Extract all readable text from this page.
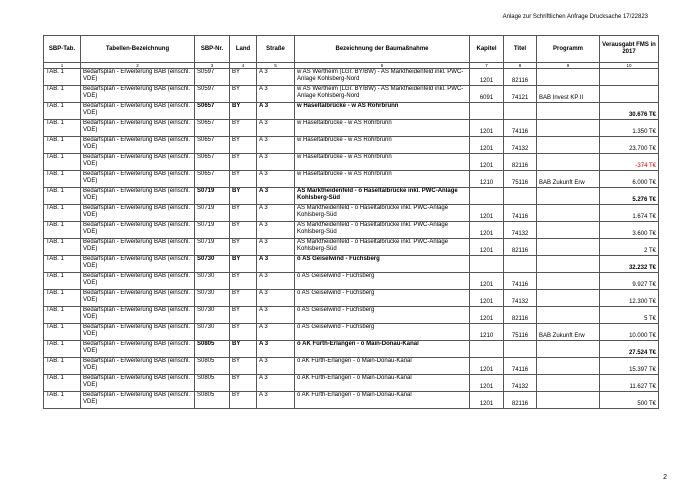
Anlage zur Schriftlichen Anfrage Drucksache 17/22823
SBP-Tab.	Tabellen-Bezeichnung	SBP-Nr.	Land	Straße	Bezeichnung der Baumaßnahme	Kapitel	Titel	Programm	Verausgabt FMS in 2017
1	2	3	4	5	6	7	8	9	10
TAB. 1	Bedarfsplan - Erweiterung BAB (einschl. VDE)	S0597	BY	A 3	w AS Wertheim (LGr. BY/BW) - AS Marktheidenfeld inkl. PWC-Anlage Kohlsberg-Nord	1201	82116		
TAB. 1	Bedarfsplan - Erweiterung BAB (einschl. VDE)	S0597	BY	A 3	w AS Wertheim (LGr. BY/BW) - AS Marktheidenfeld inkl. PWC-Anlage Kohlsberg-Nord	6091	74121	BAB Invest KP II	
TAB. 1	Bedarfsplan - Erweiterung BAB (einschl. VDE)	S0657	BY	A 3	w Haseltalbrücke - w AS Rohrbrunn				30.676 T€
TAB. 1	Bedarfsplan - Erweiterung BAB (einschl. VDE)	S0657	BY	A 3	w Haseltalbrücke - w AS Rohrbrunn	1201	74116		1.350 T€
TAB. 1	Bedarfsplan - Erweiterung BAB (einschl. VDE)	S0657	BY	A 3	w Haseltalbrücke - w AS Rohrbrunn	1201	74132		23.700 T€
TAB. 1	Bedarfsplan - Erweiterung BAB (einschl. VDE)	S0657	BY	A 3	w Haseltalbrücke - w AS Rohrbrunn	1201	82116		-374 T€
TAB. 1	Bedarfsplan - Erweiterung BAB (einschl. VDE)	S0657	BY	A 3	w Haseltalbrücke - w AS Rohrbrunn	1210	75116	BAB Zukunft Erw	6.000 T€
TAB. 1	Bedarfsplan - Erweiterung BAB (einschl. VDE)	S0719	BY	A 3	AS Marktheidenfeld - ö Haseltalbrücke inkl. PWC-Anlage Kohlsberg-Süd				5.276 T€
TAB. 1	Bedarfsplan - Erweiterung BAB (einschl. VDE)	S0719	BY	A 3	AS Marktheidenfeld - ö Haseltalbrücke inkl. PWC-Anlage Kohlsberg-Süd	1201	74116		1.674 T€
TAB. 1	Bedarfsplan - Erweiterung BAB (einschl. VDE)	S0719	BY	A 3	AS Marktheidenfeld - ö Haseltalbrücke inkl. PWC-Anlage Kohlsberg-Süd	1201	74132		3.600 T€
TAB. 1	Bedarfsplan - Erweiterung BAB (einschl. VDE)	S0719	BY	A 3	AS Marktheidenfeld - ö Haseltalbrücke inkl. PWC-Anlage Kohlsberg-Süd	1201	82116		2 T€
TAB. 1	Bedarfsplan - Erweiterung BAB (einschl. VDE)	S0730	BY	A 3	ö AS Geiselwind - Fuchsberg				32.232 T€
TAB. 1	Bedarfsplan - Erweiterung BAB (einschl. VDE)	S0730	BY	A 3	ö AS Geiselwind - Fuchsberg	1201	74116		9.927 T€
TAB. 1	Bedarfsplan - Erweiterung BAB (einschl. VDE)	S0730	BY	A 3	ö AS Geiselwind - Fuchsberg	1201	74132		12.300 T€
TAB. 1	Bedarfsplan - Erweiterung BAB (einschl. VDE)	S0730	BY	A 3	ö AS Geiselwind - Fuchsberg	1201	82116		5 T€
TAB. 1	Bedarfsplan - Erweiterung BAB (einschl. VDE)	S0730	BY	A 3	ö AS Geiselwind - Fuchsberg	1210	75116	BAB Zukunft Erw	10.000 T€
TAB. 1	Bedarfsplan - Erweiterung BAB (einschl. VDE)	S0805	BY	A 3	ö AK Fürth-Erlangen - ö Main-Donau-Kanal				27.524 T€
TAB. 1	Bedarfsplan - Erweiterung BAB (einschl. VDE)	S0805	BY	A 3	ö AK Fürth-Erlangen - ö Main-Donau-Kanal	1201	74116		15.397 T€
TAB. 1	Bedarfsplan - Erweiterung BAB (einschl. VDE)	S0805	BY	A 3	ö AK Fürth-Erlangen - ö Main-Donau-Kanal	1201	74132		11.627 T€
TAB. 1	Bedarfsplan - Erweiterung BAB (einschl. VDE)	S0805	BY	A 3	ö AK Fürth-Erlangen - ö Main-Donau-Kanal	1201	82116		500 T€
2
